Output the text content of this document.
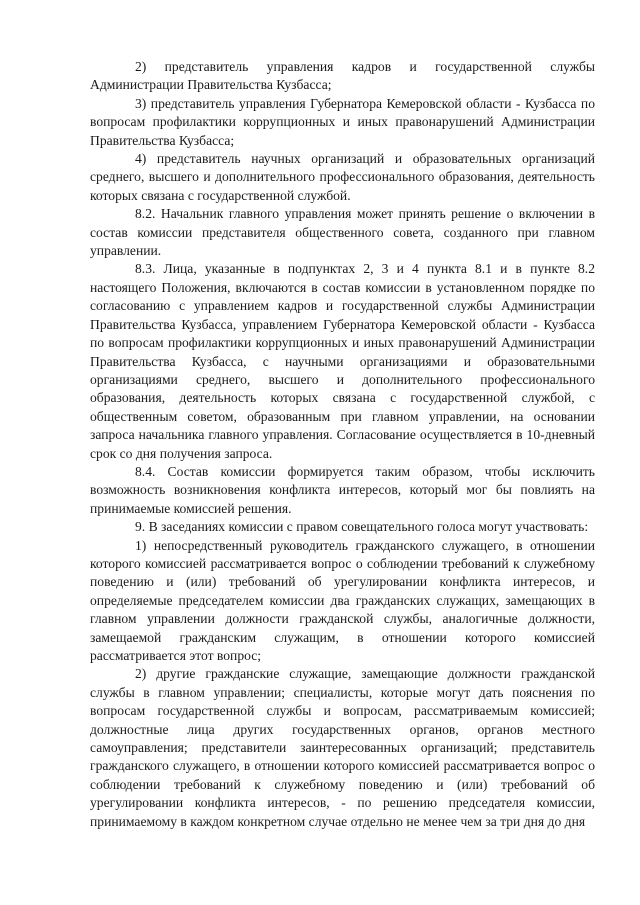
2) представитель управления кадров и государственной службы Администрации Правительства Кузбасса;

3) представитель управления Губернатора Кемеровской области - Кузбасса по вопросам профилактики коррупционных и иных правонарушений Администрации Правительства Кузбасса;

4) представитель научных организаций и образовательных организаций среднего, высшего и дополнительного профессионального образования, деятельность которых связана с государственной службой.

8.2. Начальник главного управления может принять решение о включении в состав комиссии представителя общественного совета, созданного при главном управлении.

8.3. Лица, указанные в подпунктах 2, 3 и 4 пункта 8.1 и в пункте 8.2 настоящего Положения, включаются в состав комиссии в установленном порядке по согласованию с управлением кадров и государственной службы Администрации Правительства Кузбасса, управлением Губернатора Кемеровской области - Кузбасса по вопросам профилактики коррупционных и иных правонарушений Администрации Правительства Кузбасса, с научными организациями и образовательными организациями среднего, высшего и дополнительного профессионального образования, деятельность которых связана с государственной службой, с общественным советом, образованным при главном управлении, на основании запроса начальника главного управления. Согласование осуществляется в 10-дневный срок со дня получения запроса.

8.4. Состав комиссии формируется таким образом, чтобы исключить возможность возникновения конфликта интересов, который мог бы повлиять на принимаемые комиссией решения.

9. В заседаниях комиссии с правом совещательного голоса могут участвовать:

1) непосредственный руководитель гражданского служащего, в отношении которого комиссией рассматривается вопрос о соблюдении требований к служебному поведению и (или) требований об урегулировании конфликта интересов, и определяемые председателем комиссии два гражданских служащих, замещающих в главном управлении должности гражданской службы, аналогичные должности, замещаемой гражданским служащим, в отношении которого комиссией рассматривается этот вопрос;

2) другие гражданские служащие, замещающие должности гражданской службы в главном управлении; специалисты, которые могут дать пояснения по вопросам государственной службы и вопросам, рассматриваемым комиссией; должностные лица других государственных органов, органов местного самоуправления; представители заинтересованных организаций; представитель гражданского служащего, в отношении которого комиссией рассматривается вопрос о соблюдении требований к служебному поведению и (или) требований об урегулировании конфликта интересов, - по решению председателя комиссии, принимаемому в каждом конкретном случае отдельно не менее чем за три дня до дня
